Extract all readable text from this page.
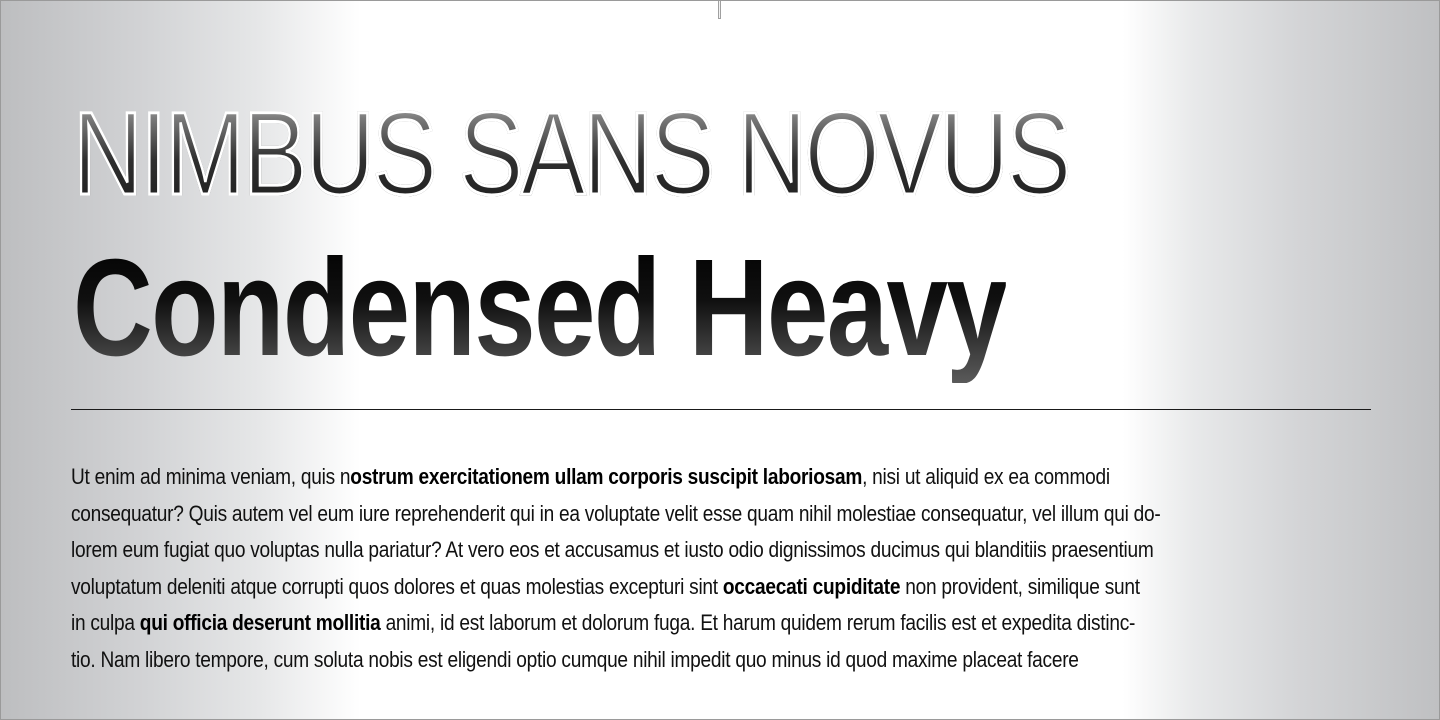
NIMBUS SANS NOVUS
Condensed Heavy

Ut enim ad minima veniam, quis nostrum exercitationem ullam corporis suscipit laboriosam, nisi ut aliquid ex ea commodi
consequatur? Quis autem vel eum iure reprehenderit qui in ea voluptate velit esse quam nihil molestiae consequatur, vel illum qui do-
lorem eum fugiat quo voluptas nulla pariatur? At vero eos et accusamus et iusto odio dignissimos ducimus qui blanditiis praesentium
voluptatum deleniti atque corrupti quos dolores et quas molestias excepturi sint occaecati cupiditate non provident, similique sunt
in culpa qui officia deserunt mollitia animi, id est laborum et dolorum fuga. Et harum quidem rerum facilis est et expedita distinc-
tio. Nam libero tempore, cum soluta nobis est eligendi optio cumque nihil impedit quo minus id quod maxime placeat facere
